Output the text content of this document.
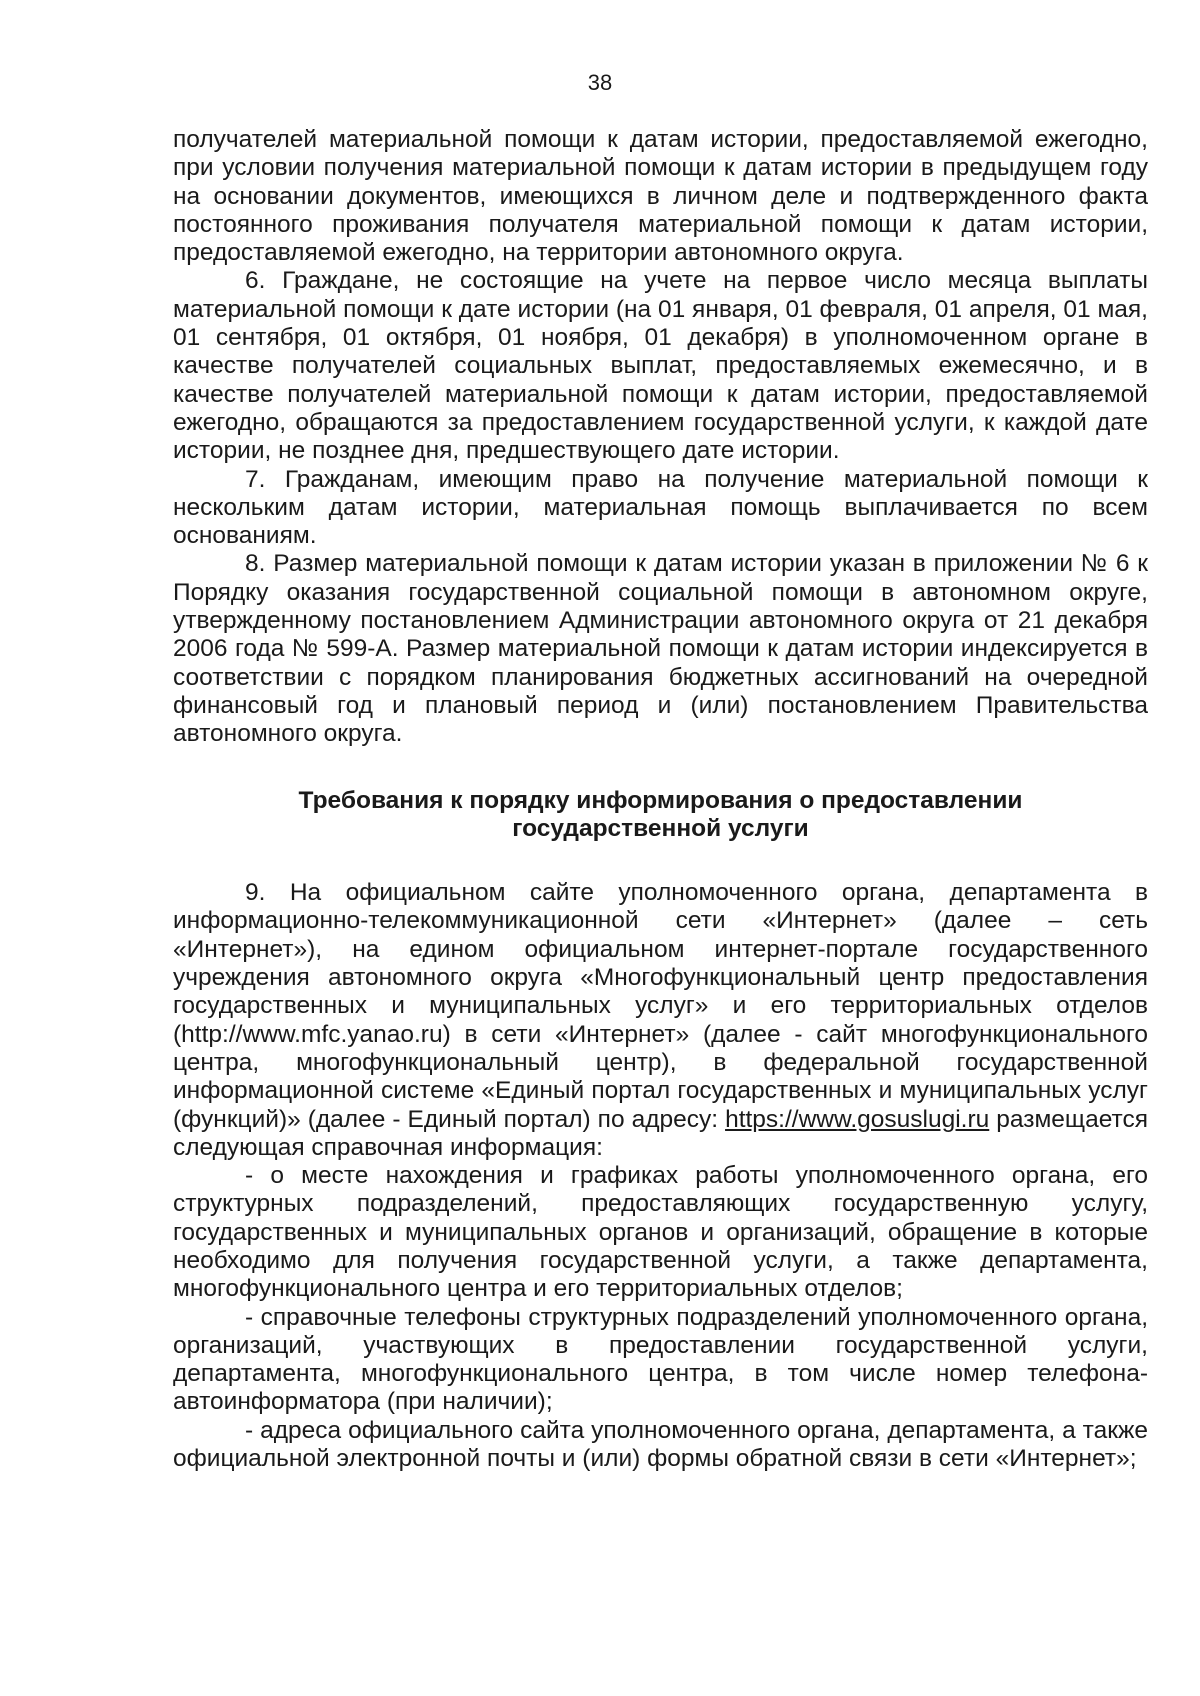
38

получателей материальной помощи к датам истории, предоставляемой ежегодно, при условии получения материальной помощи к датам истории в предыдущем году на основании документов, имеющихся в личном деле и подтвержденного факта постоянного проживания получателя материальной помощи к датам истории, предоставляемой ежегодно, на территории автономного округа.

6. Граждане, не состоящие на учете на первое число месяца выплаты материальной помощи к дате истории (на 01 января, 01 февраля, 01 апреля, 01 мая, 01 сентября, 01 октября, 01 ноября, 01 декабря) в уполномоченном органе в качестве получателей социальных выплат, предоставляемых ежемесячно, и в качестве получателей материальной помощи к датам истории, предоставляемой ежегодно, обращаются за предоставлением государственной услуги, к каждой дате истории, не позднее дня, предшествующего дате истории.

7. Гражданам, имеющим право на получение материальной помощи к нескольким датам истории, материальная помощь выплачивается по всем основаниям.

8. Размер материальной помощи к датам истории указан в приложении № 6 к Порядку оказания государственной социальной помощи в автономном округе, утвержденному постановлением Администрации автономного округа от 21 декабря 2006 года № 599-А. Размер материальной помощи к датам истории индексируется в соответствии с порядком планирования бюджетных ассигнований на очередной финансовый год и плановый период и (или) постановлением Правительства автономного округа.

Требования к порядку информирования о предоставлении
государственной услуги

9. На официальном сайте уполномоченного органа, департамента в информационно-телекоммуникационной сети «Интернет» (далее – сеть «Интернет»), на едином официальном интернет-портале государственного учреждения автономного округа «Многофункциональный центр предоставления государственных и муниципальных услуг» и его территориальных отделов (http://www.mfc.yanao.ru) в сети «Интернет» (далее - сайт многофункционального центра, многофункциональный центр), в федеральной государственной информационной системе «Единый портал государственных и муниципальных услуг (функций)» (далее - Единый портал) по адресу: https://www.gosuslugi.ru размещается следующая справочная информация:

- о месте нахождения и графиках работы уполномоченного органа, его структурных подразделений, предоставляющих государственную услугу, государственных и муниципальных органов и организаций, обращение в которые необходимо для получения государственной услуги, а также департамента, многофункционального центра и его территориальных отделов;

- справочные телефоны структурных подразделений уполномоченного органа, организаций, участвующих в предоставлении государственной услуги, департамента, многофункционального центра, в том числе номер телефона-автоинформатора (при наличии);

- адреса официального сайта уполномоченного органа, департамента, а также официальной электронной почты и (или) формы обратной связи в сети «Интернет»;
